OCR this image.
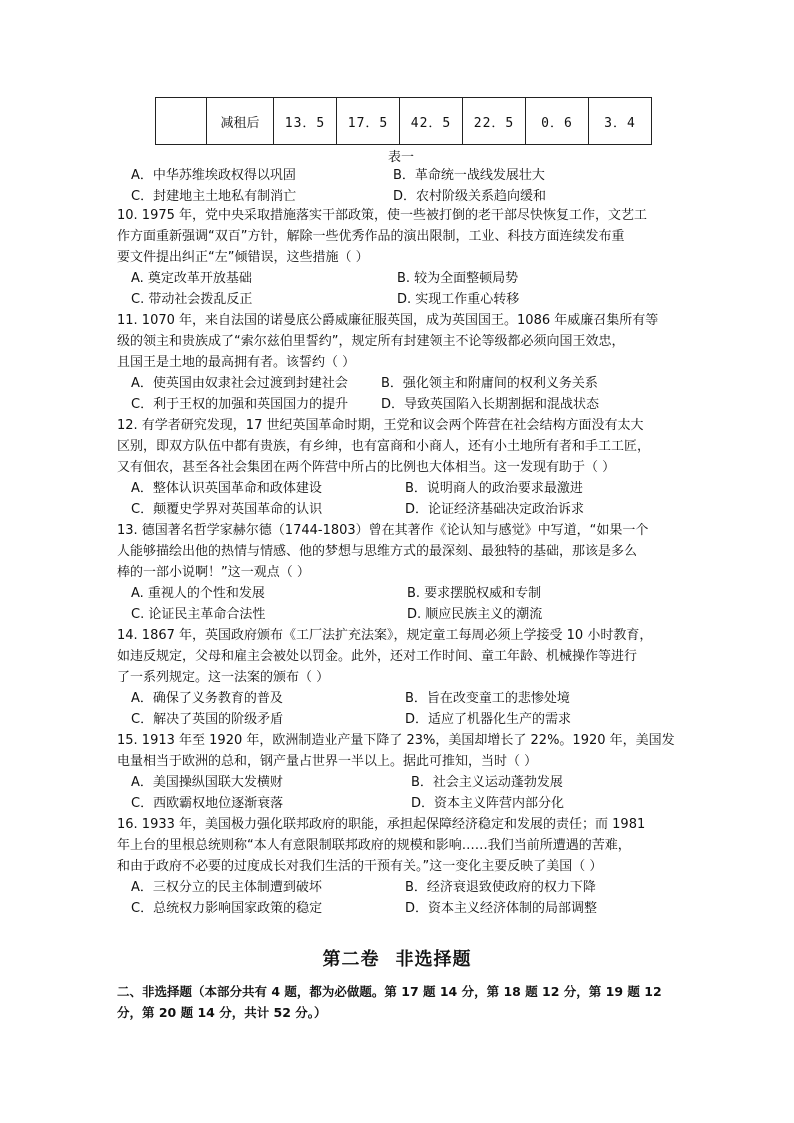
	减租后	13．5	17．5	42．5	22．5	0．6	3．4
表一
A．中华苏维埃政权得以巩固	B．革命统一战线发展壮大
C．封建地主土地私有制消亡	D．农村阶级关系趋向缓和
10. 1975 年，党中央采取措施落实干部政策，使一些被打倒的老干部尽快恢复工作，文艺工
作方面重新强调“双百”方针，解除一些优秀作品的演出限制，工业、科技方面连续发布重
要文件提出纠正“左”倾错误，这些措施（ ）
A. 奠定改革开放基础	B. 较为全面整顿局势
C. 带动社会拨乱反正	D. 实现工作重心转移
11. 1070 年，来自法国的诺曼底公爵威廉征服英国，成为英国国王。1086 年威廉召集所有等
级的领主和贵族成了“索尔兹伯里誓约”，规定所有封建领主不论等级都必须向国王效忠，
且国王是土地的最高拥有者。该誓约（ ）
A．使英国由奴隶社会过渡到封建社会	B．强化领主和附庸间的权利义务关系
C．利于王权的加强和英国国力的提升	D．导致英国陷入长期割据和混战状态
12. 有学者研究发现，17 世纪英国革命时期，王党和议会两个阵营在社会结构方面没有太大
区别，即双方队伍中都有贵族，有乡绅，也有富商和小商人，还有小土地所有者和手工工匠，
又有佃农，甚至各社会集团在两个阵营中所占的比例也大体相当。这一发现有助于（ ）
A．整体认识英国革命和政体建设	B．说明商人的政治要求最激进
C．颠覆史学界对英国革命的认识	D．论证经济基础决定政治诉求
13. 德国著名哲学家赫尔德（1744-1803）曾在其著作《论认知与感觉》中写道，“如果一个
人能够描绘出他的热情与情感、他的梦想与思维方式的最深刻、最独特的基础，那该是多么
棒的一部小说啊！”这一观点（ ）
A. 重视人的个性和发展	B. 要求摆脱权威和专制
C. 论证民主革命合法性	D. 顺应民族主义的潮流
14. 1867 年，英国政府颁布《工厂法扩充法案》，规定童工每周必须上学接受 10 小时教育，
如违反规定，父母和雇主会被处以罚金。此外，还对工作时间、童工年龄、机械操作等进行
了一系列规定。这一法案的颁布（ ）
A．确保了义务教育的普及	B．旨在改变童工的悲惨处境
C．解决了英国的阶级矛盾	D．适应了机器化生产的需求
15. 1913 年至 1920 年，欧洲制造业产量下降了 23%，美国却增长了 22%。1920 年，美国发
电量相当于欧洲的总和，钢产量占世界一半以上。据此可推知，当时（ ）
A．美国操纵国联大发横财	B．社会主义运动蓬勃发展
C．西欧霸权地位逐渐衰落	D．资本主义阵营内部分化
16. 1933 年，美国极力强化联邦政府的职能，承担起保障经济稳定和发展的责任；而 1981
年上台的里根总统则称“本人有意限制联邦政府的规模和影响……我们当前所遭遇的苦难，
和由于政府不必要的过度成长对我们生活的干预有关。”这一变化主要反映了美国（ ）
A．三权分立的民主体制遭到破坏	B．经济衰退致使政府的权力下降
C．总统权力影响国家政策的稳定	D．资本主义经济体制的局部调整
第二卷 非选择题
二、非选择题（本部分共有 4 题，都为必做题。第 17 题 14 分，第 18 题 12 分，第 19 题 12
分，第 20 题 14 分，共计 52 分。）
